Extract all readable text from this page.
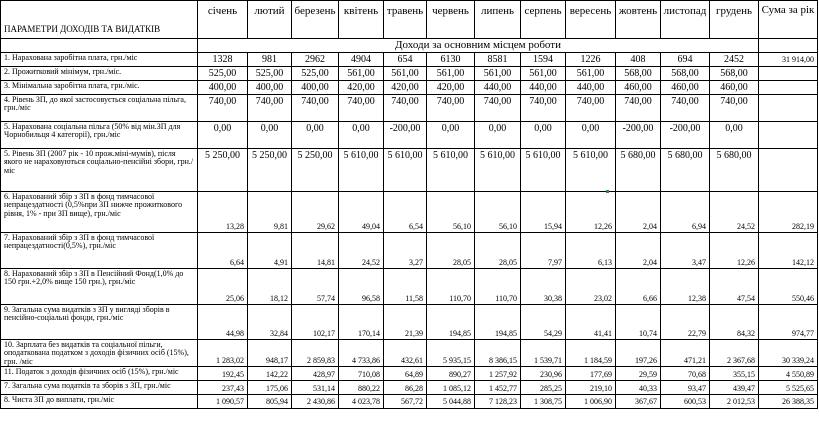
ПАРАМЕТРИ ДОХОДІВ ТА ВИДАТКІВ	січень	лютий	березень	квітень	травень	червень	липень	серпень	вересень	жовтень	листопад	грудень	Сума за рік
	Доходи за основним місцем роботи												
1. Нарахована заробітна плата, грн./міс	1328	981	2962	4904	654	6130	8581	1594	1226	408	694	2452	31 914,00
2. Прожитковий мінімум, грн./міс.	525,00	525,00	525,00	561,00	561,00	561,00	561,00	561,00	561,00	568,00	568,00	568,00	
3. Мінімальна заробітна плата, грн./міс.	400,00	400,00	400,00	420,00	420,00	420,00	440,00	440,00	440,00	460,00	460,00	460,00	
4. Рівень ЗП, до якої застосовується соціальна пільга, грн./міс	740,00	740,00	740,00	740,00	740,00	740,00	740,00	740,00	740,00	740,00	740,00	740,00	
5. Нарахована соціальна пільга (50% від мін.ЗП для Чорнобильця 4 категорії), грн./міс	0,00	0,00	0,00	0,00	-200,00	0,00	0,00	0,00	0,00	-200,00	-200,00	0,00	
5. Рівень ЗП (2007 рік - 10 прож.міні-мумів), після якого не нараховуються соціально-пенсійні збори, грн./міс	5 250,00	5 250,00	5 250,00	5 610,00	5 610,00	5 610,00	5 610,00	5 610,00	5 610,00	5 680,00	5 680,00	5 680,00	
6. Нарахований збір з ЗП в фонд тимчасової непрацездатності (0,5%при ЗП нижче прожиткового рівня, 1% - при ЗП вище), грн./міс	13,28	9,81	29,62	49,04	6,54	56,10	56,10	15,94	12,26	2,04	6,94	24,52	282,19
7. Нарахований збір з ЗП в фонд тимчасової непрацездатності(0,5%), грн./міс	6,64	4,91	14,81	24,52	3,27	28,05	28,05	7,97	6,13	2,04	3,47	12,26	142,12
8. Нарахований збір з ЗП в Пенсійний Фонд(1,0% до 150 грн.+2,0% вище 150 грн.), грн./міс	25,06	18,12	57,74	96,58	11,58	110,70	110,70	30,38	23,02	6,66	12,38	47,54	550,46
9. Загальна сума видатків з ЗП у вигляді зборів в пенсійно-соціальні фонди, грн./міс	44,98	32,84	102,17	170,14	21,39	194,85	194,85	54,29	41,41	10,74	22,79	84,32	974,77
10. Зарплата без видатків та соціальної пільги, оподаткована податком з доходів фізичних осіб (15%), грн. /міс	1 283,02	948,17	2 859,83	4 733,86	432,61	5 935,15	8 386,15	1 539,71	1 184,59	197,26	471,21	2 367,68	30 339,24
11. Податок з доходів фізичних осіб (15%), грн./міс	192,45	142,22	428,97	710,08	64,89	890,27	1 257,92	230,96	177,69	29,59	70,68	355,15	4 550,89
7. Загальна сума податків та зборів з ЗП, грн./міс	237,43	175,06	531,14	880,22	86,28	1 085,12	1 452,77	285,25	219,10	40,33	93,47	439,47	5 525,65
8. Чиста ЗП до виплати, грн./міс	1 090,57	805,94	2 430,86	4 023,78	567,72	5 044,88	7 128,23	1 308,75	1 006,90	367,67	600,53	2 012,53	26 388,35
